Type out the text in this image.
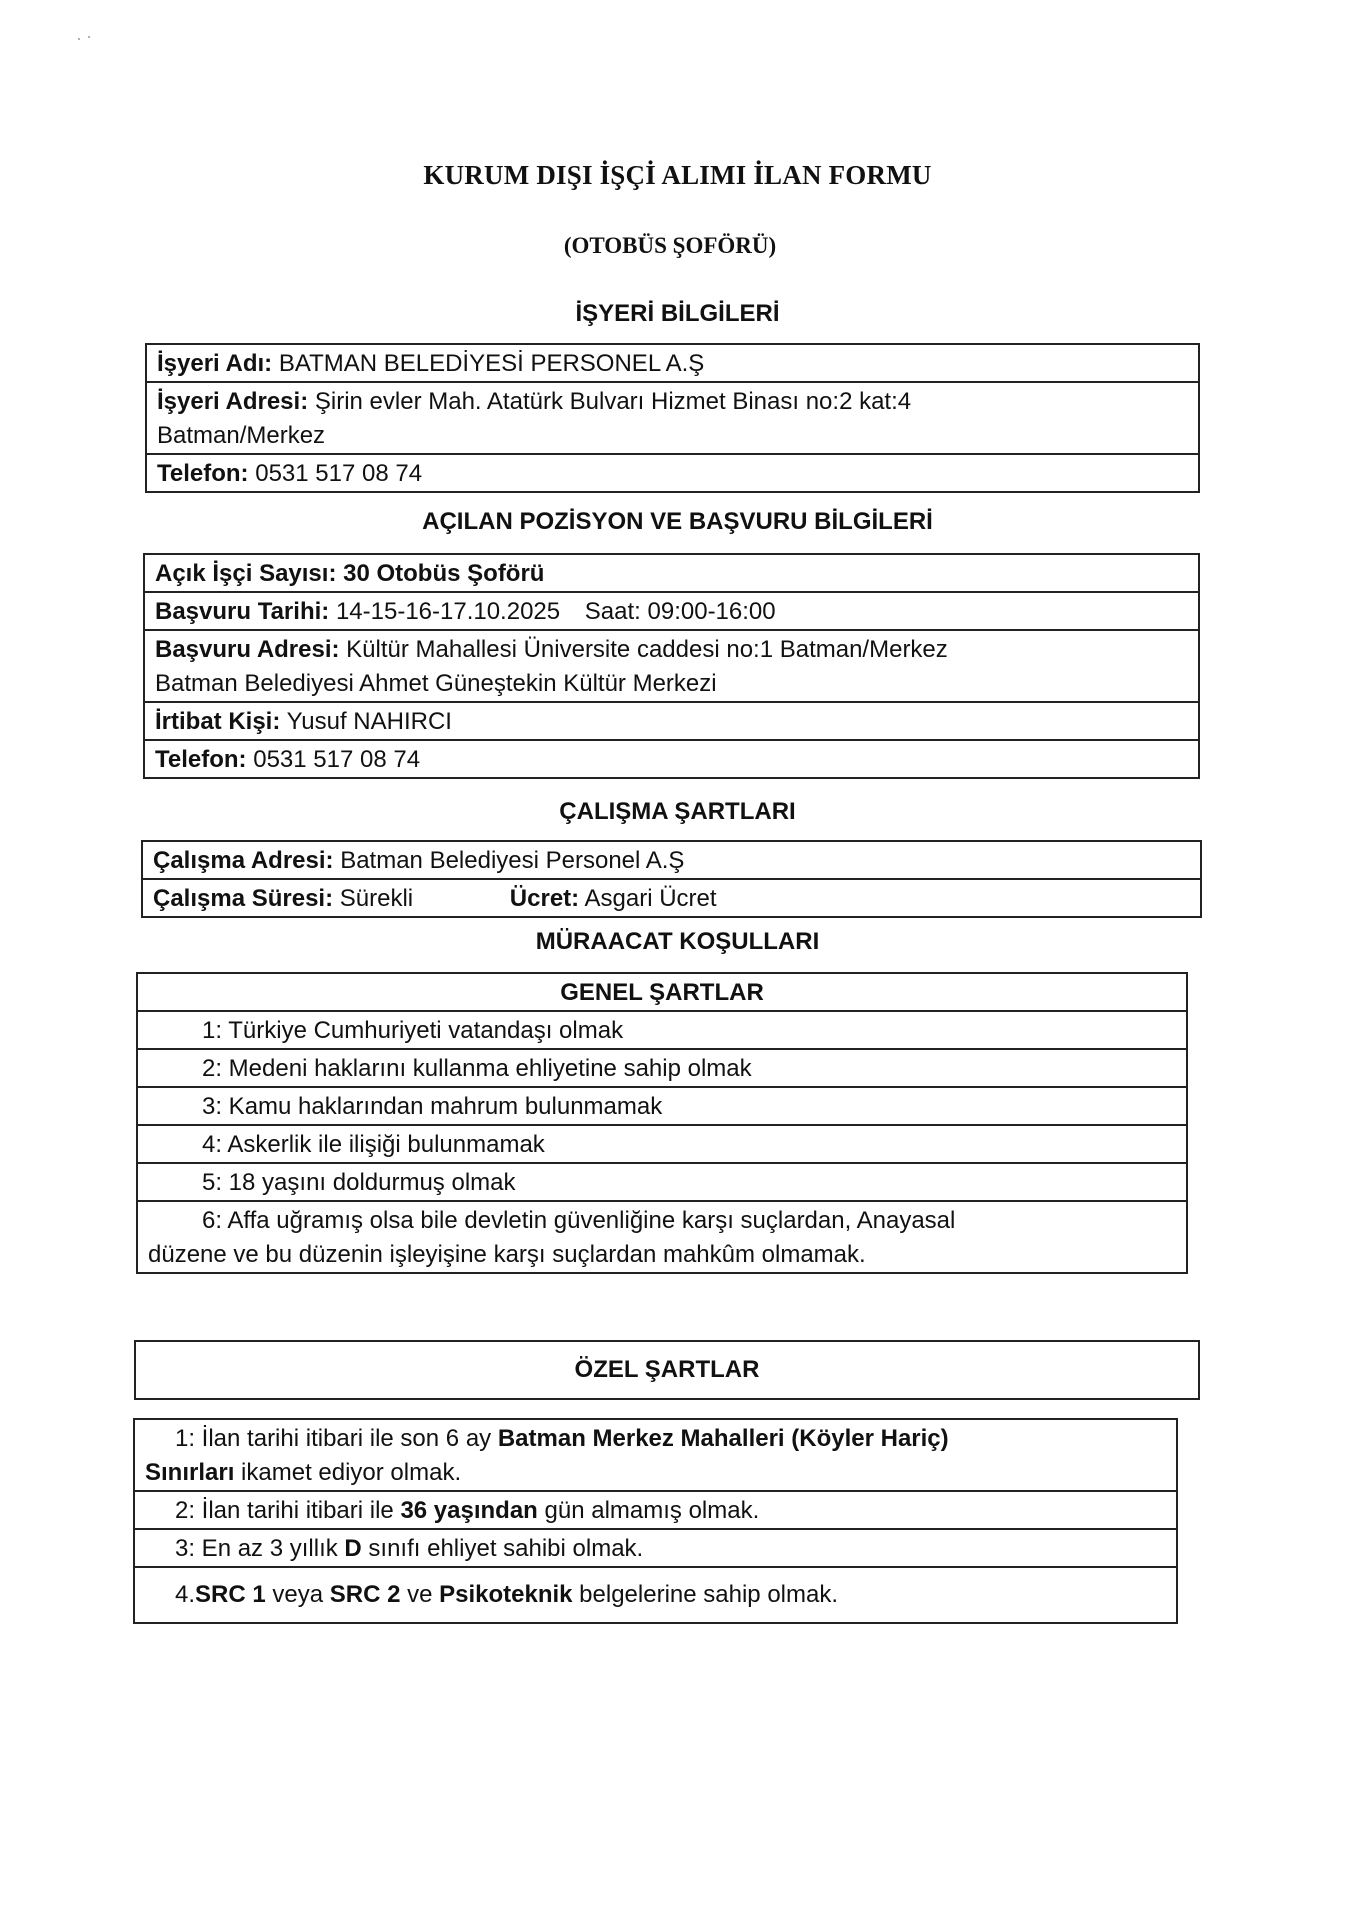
KURUM DIŞI İŞÇİ ALIMI İLAN FORMU
(OTOBÜS ŞOFÖRÜ)
İŞYERİ BİLGİLERİ
İşyeri Adı: BATMAN BELEDİYESİ PERSONEL A.Ş
İşyeri Adresi: Şirin evler Mah. Atatürk Bulvarı Hizmet Binası no:2 kat:4
Batman/Merkez
Telefon: 0531 517 08 74
AÇILAN POZİSYON VE BAŞVURU BİLGİLERİ
Açık İşçi Sayısı: 30 Otobüs Şoförü
Başvuru Tarihi: 14-15-16-17.10.2025 Saat: 09:00-16:00
Başvuru Adresi: Kültür Mahallesi Üniversite caddesi no:1 Batman/Merkez
Batman Belediyesi Ahmet Güneştekin Kültür Merkezi
İrtibat Kişi: Yusuf NAHIRCI
Telefon: 0531 517 08 74
ÇALIŞMA ŞARTLARI
Çalışma Adresi: Batman Belediyesi Personel A.Ş
Çalışma Süresi: Sürekli	Ücret: Asgari Ücret
MÜRAACAT KOŞULLARI
GENEL ŞARTLAR
1: Türkiye Cumhuriyeti vatandaşı olmak
2: Medeni haklarını kullanma ehliyetine sahip olmak
3: Kamu haklarından mahrum bulunmamak
4: Askerlik ile ilişiği bulunmamak
5: 18 yaşını doldurmuş olmak
6: Affa uğramış olsa bile devletin güvenliğine karşı suçlardan, Anayasal
düzene ve bu düzenin işleyişine karşı suçlardan mahkûm olmamak.
ÖZEL ŞARTLAR
1: İlan tarihi itibari ile son 6 ay Batman Merkez Mahalleri (Köyler Hariç)
Sınırları ikamet ediyor olmak.
2: İlan tarihi itibari ile 36 yaşından gün almamış olmak.
3: En az 3 yıllık D sınıfı ehliyet sahibi olmak.
4.SRC 1 veya SRC 2 ve Psikoteknik belgelerine sahip olmak.
